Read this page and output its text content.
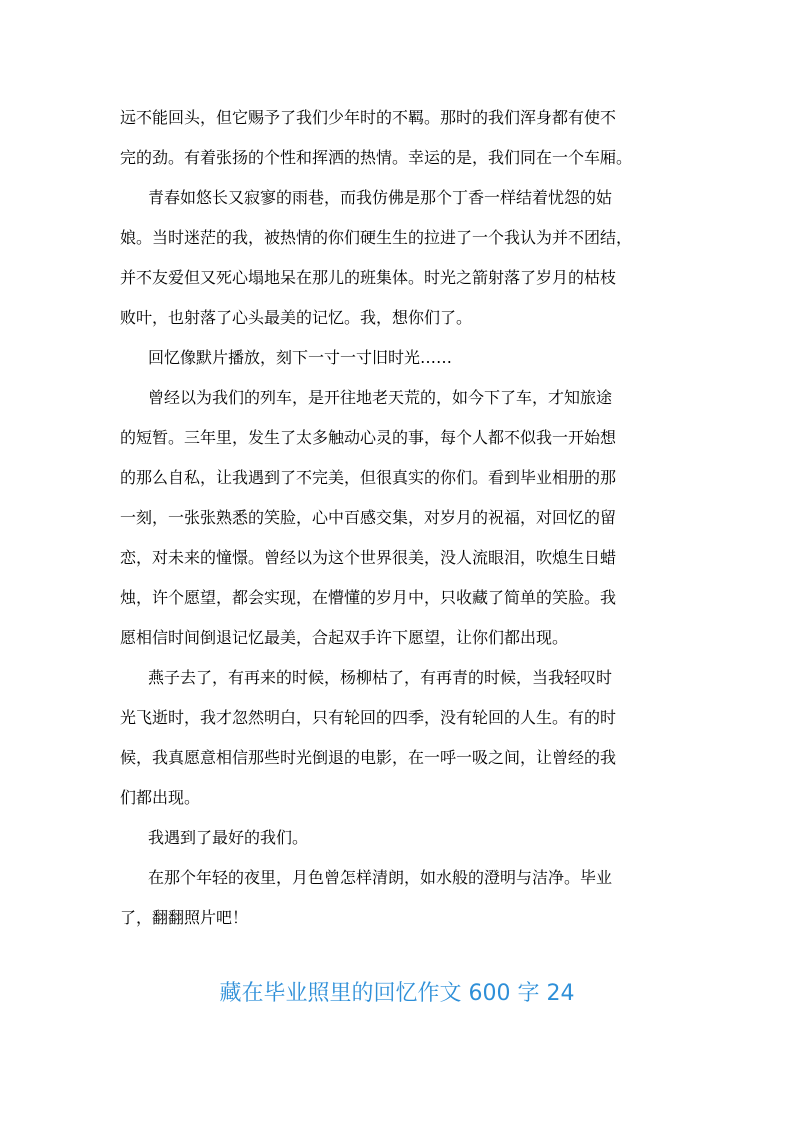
远不能回头，但它赐予了我们少年时的不羁。那时的我们浑身都有使不
完的劲。有着张扬的个性和挥洒的热情。幸运的是，我们同在一个车厢。
青春如悠长又寂寥的雨巷，而我仿佛是那个丁香一样结着忧怨的姑
娘。当时迷茫的我，被热情的你们硬生生的拉进了一个我认为并不团结，
并不友爱但又死心塌地呆在那儿的班集体。时光之箭射落了岁月的枯枝
败叶，也射落了心头最美的记忆。我，想你们了。
回忆像默片播放，刻下一寸一寸旧时光……
曾经以为我们的列车，是开往地老天荒的，如今下了车，才知旅途
的短暂。三年里，发生了太多触动心灵的事，每个人都不似我一开始想
的那么自私，让我遇到了不完美，但很真实的你们。看到毕业相册的那
一刻，一张张熟悉的笑脸，心中百感交集，对岁月的祝福，对回忆的留
恋，对未来的憧憬。曾经以为这个世界很美，没人流眼泪，吹熄生日蜡
烛，许个愿望，都会实现，在懵懂的岁月中，只收藏了简单的笑脸。我
愿相信时间倒退记忆最美，合起双手许下愿望，让你们都出现。
燕子去了，有再来的时候，杨柳枯了，有再青的时候，当我轻叹时
光飞逝时，我才忽然明白，只有轮回的四季，没有轮回的人生。有的时
候，我真愿意相信那些时光倒退的电影，在一呼一吸之间，让曾经的我
们都出现。
我遇到了最好的我们。
在那个年轻的夜里，月色曾怎样清朗，如水般的澄明与洁净。毕业
了，翻翻照片吧！
藏在毕业照里的回忆作文 600 字 24
